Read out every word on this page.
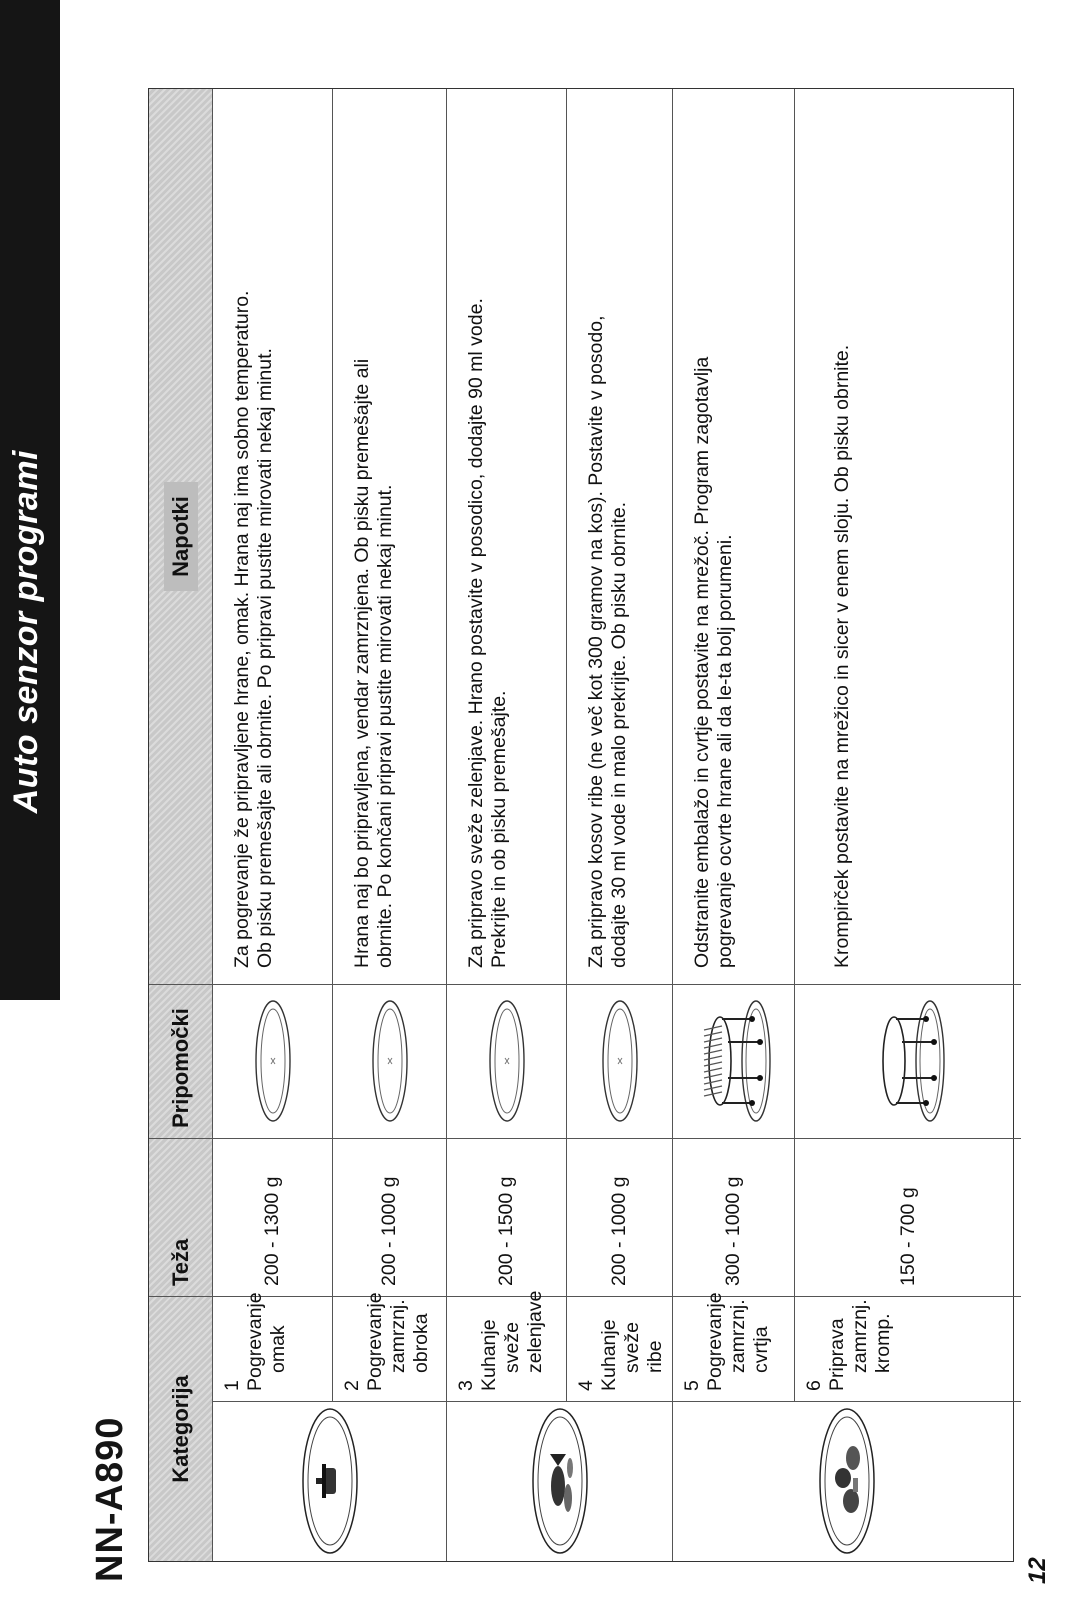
Auto senzor programi
NN-A890	12
Kategorija
Teža
Pripomočki
Napotki
1 Pogrevanje omak
200 - 1300 g
Za pogrevanje že pripravljene hrane, omak. Hrana naj ima sobno temperaturo. Ob pisku premešajte ali obrnite. Po pripravi pustite mirovati nekaj minut.
2 Pogrevanje zamrznj. obroka
200 - 1000 g
Hrana naj bo pripravljena, vendar zamrznjena. Ob pisku premešajte ali obrnite. Po končani pripravi pustite mirovati nekaj minut.
3 Kuhanje sveže zelenjave
200 - 1500 g
Za pripravo sveže zelenjave. Hrano postavite v posodico, dodajte 90 ml vode. Prekrijte in ob pisku premešajte.
4 Kuhanje sveže ribe
200 - 1000 g
Za pripravo kosov ribe (ne več kot 300 gramov na kos). Postavite v posodo, dodajte 30 ml vode in malo prekrijte. Ob pisku obrnite.
5 Pogrevanje zamrznj. cvrtja
300 - 1000 g
Odstranite embalažo in cvrtje postavite na mrežoč. Program zagotavlja pogrevanje ocvrte hrane ali da le-ta bolj porumeni.
6 Priprava zamrznj. kromp.
150 - 700 g
Krompirček postavite na mrežico in sicer v enem sloju. Ob pisku obrnite.
